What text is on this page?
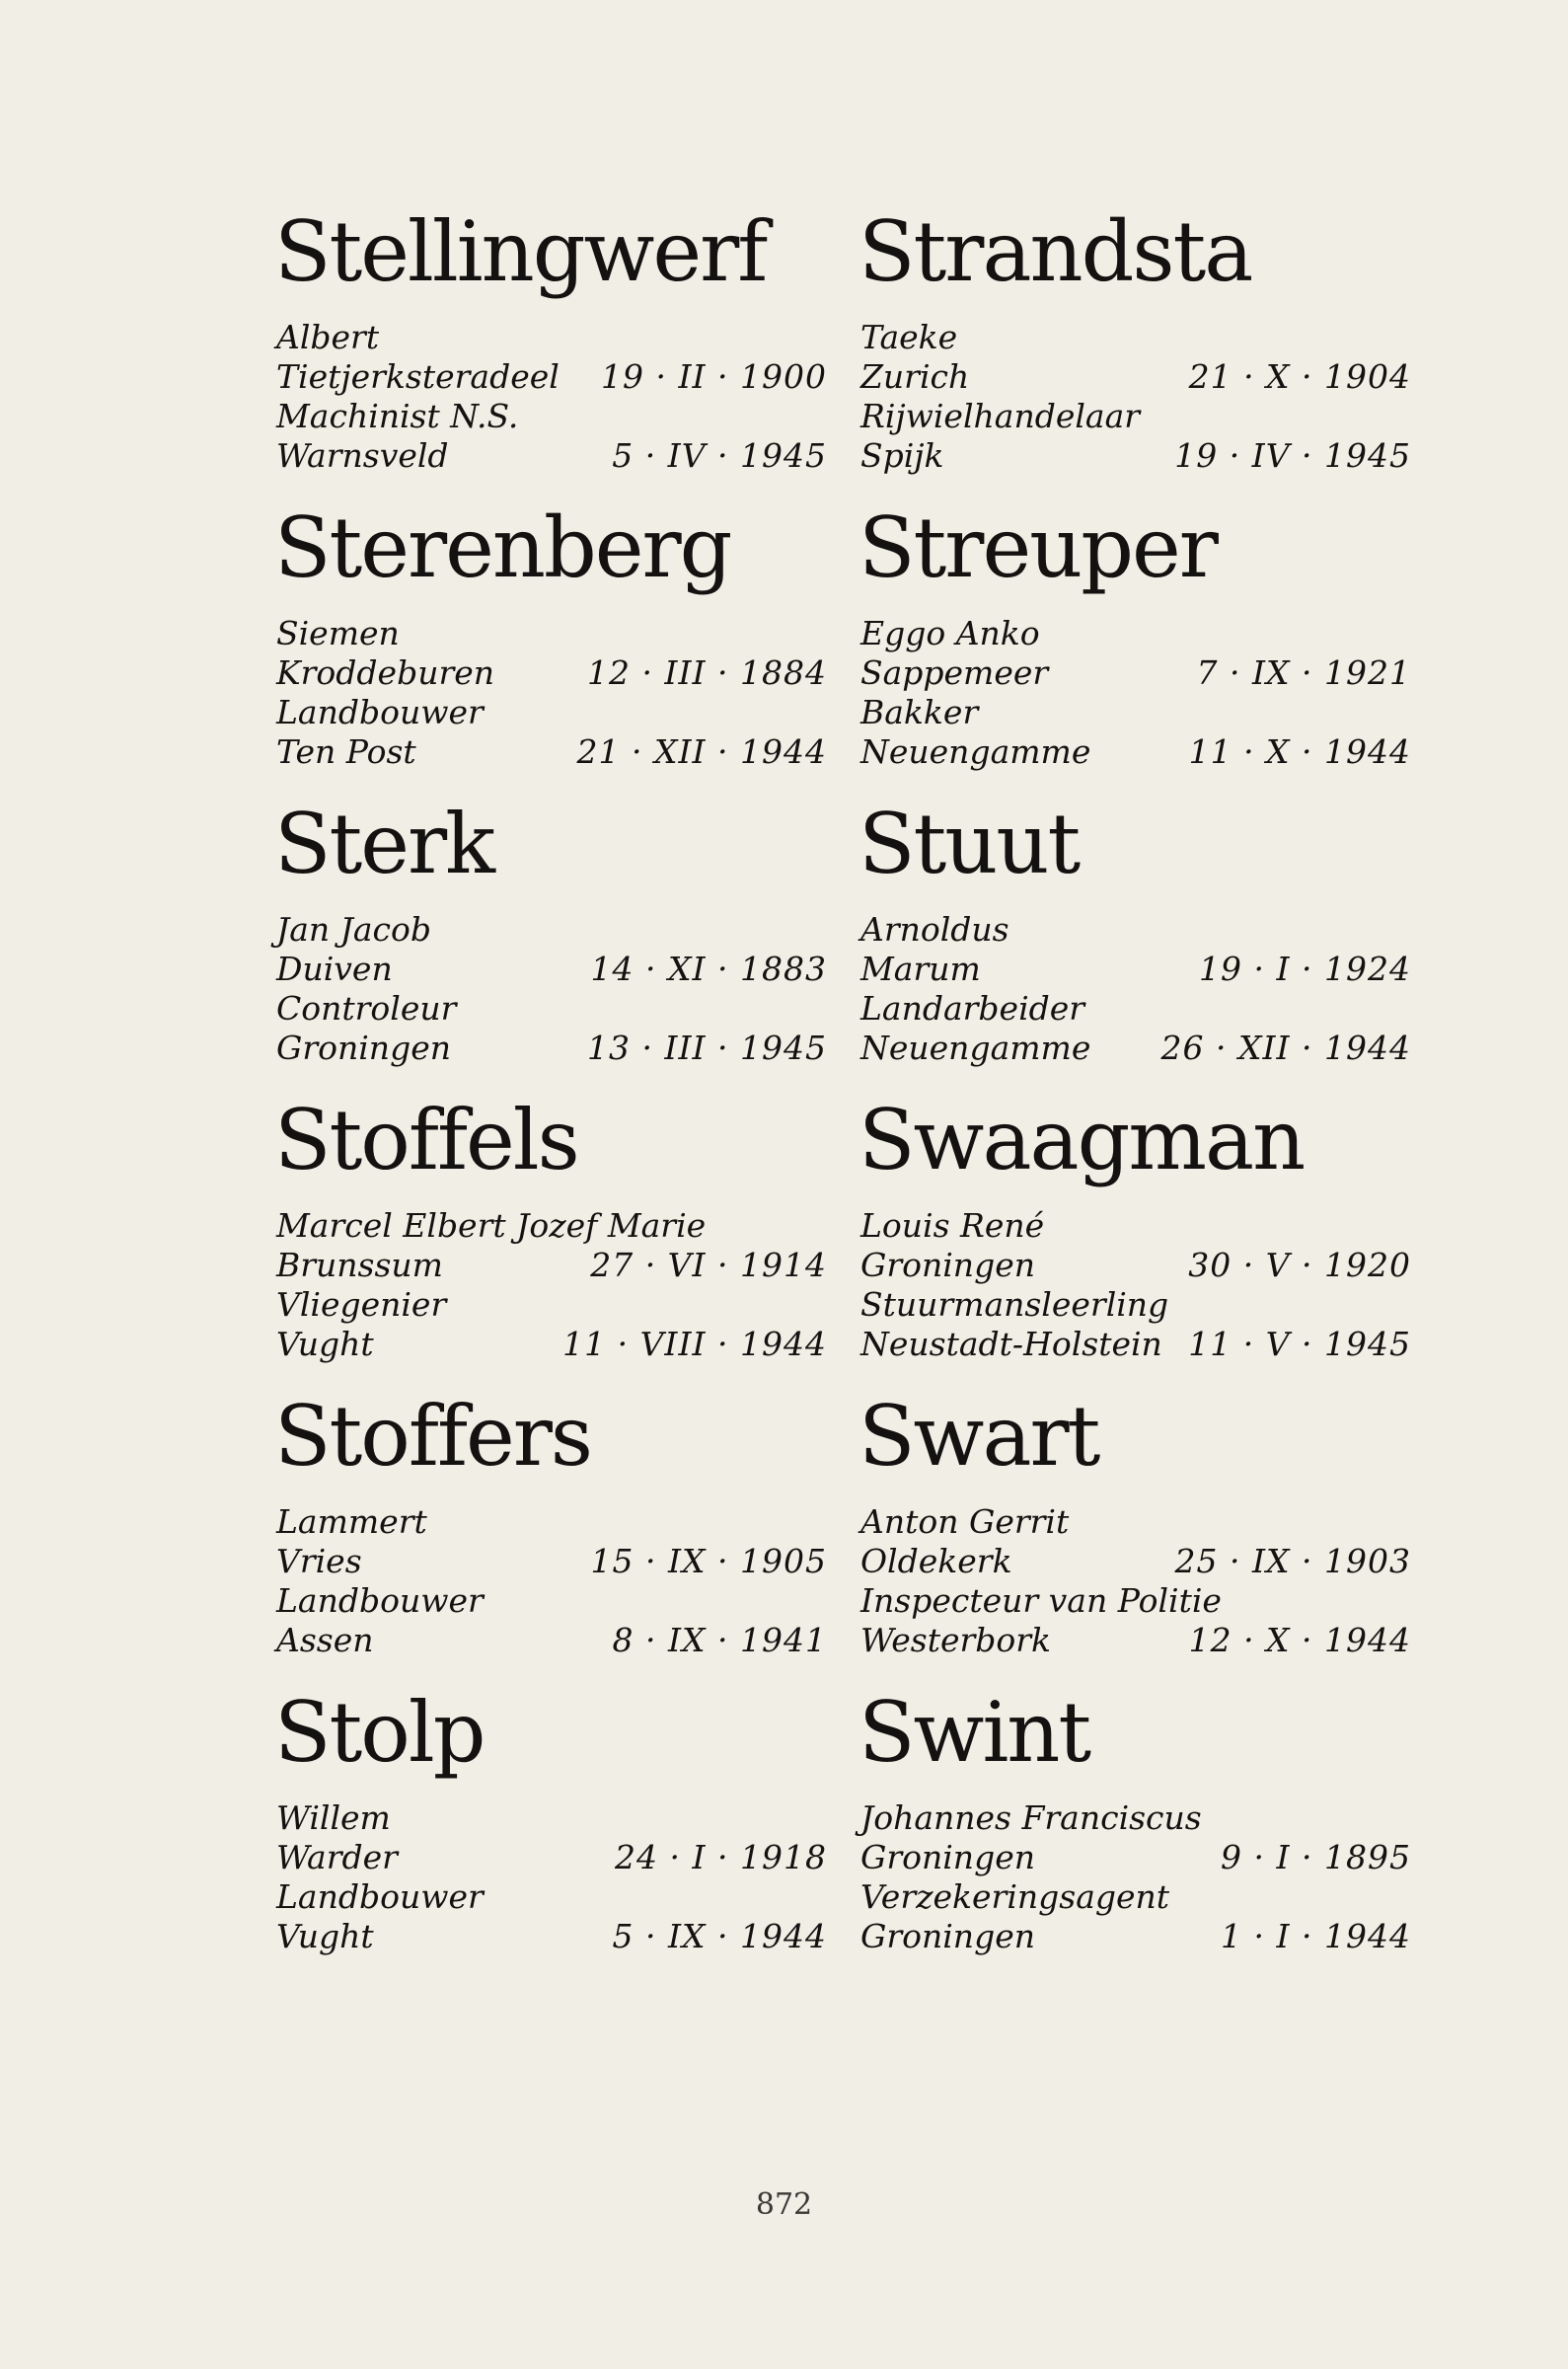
Stellingwerf
Albert
Tietjerksteradeel 19 · II · 1900
Machinist N.S.
Warnsveld	5 · IV · 1945
Sterenberg
Siemen
Kroddeburen	12 · III · 1884
Landbouwer
Ten Post	21 · XII · 1944
Sterk
Jan Jacob
Duiven	14 · XI · 1883
Controleur
Groningen	13 · III · 1945
Stoffels
Marcel Elbert Jozef Marie
Brunssum	27 · VI · 1914
Vliegenier
Vught	11 · VIII · 1944
Stoffers
Lammert
Vries	15 · IX · 1905
Landbouwer
Assen	8 · IX · 1941
Stolp
Willem
Warder	24 · I · 1918
Landbouwer
Vught	5 · IX · 1944
Strandsta
Taeke
Zurich	21 · X · 1904
Rijwielhandelaar
Spijk	19 · IV · 1945
Streuper
Eggo Anko
Sappemeer	7 · IX · 1921
Bakker
Neuengamme	11 · X · 1944
Stuut
Arnoldus
Marum	19 · I · 1924
Landarbeider
Neuengamme 26 · XII · 1944
Swaagman
Louis René
Groningen	30 · V · 1920
Stuurmansleerling
Neustadt-Holstein 11 · V · 1945
Swart
Anton Gerrit
Oldekerk	25 · IX · 1903
Inspecteur van Politie
Westerbork	12 · X · 1944
Swint
Johannes Franciscus
Groningen	9 · I · 1895
Verzekeringsagent
Groningen	1 · I · 1944
872
